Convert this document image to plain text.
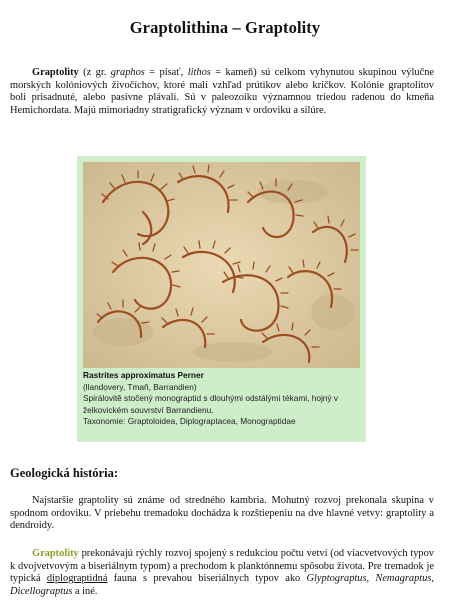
Graptolithina – Graptolity

Graptolity (z gr. graphos = písať, lithos = kameň) sú celkom vyhynutou skupinou výlučne morských kolóniových živočíchov, ktoré mali vzhľad prútikov alebo kríčkov. Kolónie graptolitov boli prisadnuté, alebo pasívne plávali. Sú v paleozoiku významnou triedou radenou do kmeňa Hemichordata. Majú mimoriadny stratigrafický význam v ordoviku a silúre.

Rastrites approximatus Perner
(llandovery, Tmaň, Barrandien)
Spirálovitě stočený monograptid s dlouhými odstálými tékami, hojný v
želkovickém souvrství Barrandienu.
Taxonomie: Graptoloidea, Diplograptacea, Monograptidae
Geologická história:

Najstaršie graptolity sú známe od stredného kambria. Mohutný rozvoj prekonala skupina v spodnom ordoviku. V priebehu tremadoku dochádza k rozštiepeniu na dve hlavné vetvy: graptolity a dendroidy.

Graptolity prekonávajú rýchly rozvoj spojený s redukciou počtu vetví (od viacvetvových typov k dvojvetvovým a biseriálnym typom) a prechodom k planktónnemu spôsobu života. Pre tremadok je typická diplograptidná fauna s prevahou biseriálnych typov ako Glyptograptus, Nemagraptus, Dicellograptus a iné.
